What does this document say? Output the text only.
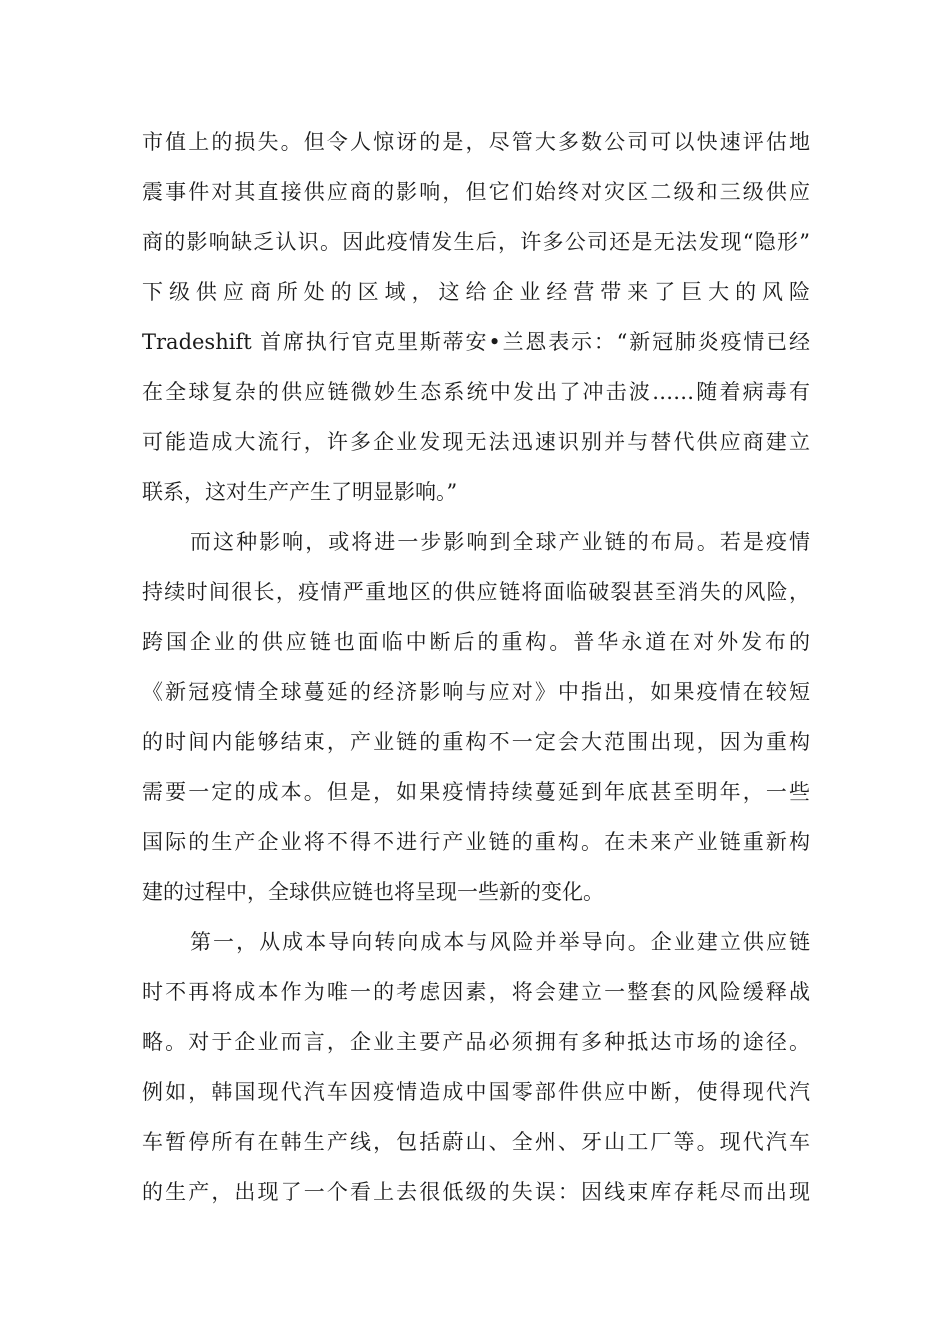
市值上的损失。但令人惊讶的是，尽管大多数公司可以快速评估地
震事件对其直接供应商的影响，但它们始终对灾区二级和三级供应
商的影响缺乏认识。因此疫情发生后，许多公司还是无法发现“隐形”
下级供应商所处的区域，这给企业经营带来了巨大的风险
Tradeshift 首席执行官克里斯蒂安•兰恩表示：“新冠肺炎疫情已经
在全球复杂的供应链微妙生态系统中发出了冲击波……随着病毒有
可能造成大流行，许多企业发现无法迅速识别并与替代供应商建立
联系，这对生产产生了明显影响。”
而这种影响，或将进一步影响到全球产业链的布局。若是疫情
持续时间很长，疫情严重地区的供应链将面临破裂甚至消失的风险，
跨国企业的供应链也面临中断后的重构。普华永道在对外发布的
《新冠疫情全球蔓延的经济影响与应对》中指出，如果疫情在较短
的时间内能够结束，产业链的重构不一定会大范围出现，因为重构
需要一定的成本。但是，如果疫情持续蔓延到年底甚至明年，一些
国际的生产企业将不得不进行产业链的重构。在未来产业链重新构
建的过程中，全球供应链也将呈现一些新的变化。
第一，从成本导向转向成本与风险并举导向。企业建立供应链
时不再将成本作为唯一的考虑因素，将会建立一整套的风险缓释战
略。对于企业而言，企业主要产品必须拥有多种抵达市场的途径。
例如，韩国现代汽车因疫情造成中国零部件供应中断，使得现代汽
车暂停所有在韩生产线，包括蔚山、全州、牙山工厂等。现代汽车
的生产，出现了一个看上去很低级的失误：因线束库存耗尽而出现
